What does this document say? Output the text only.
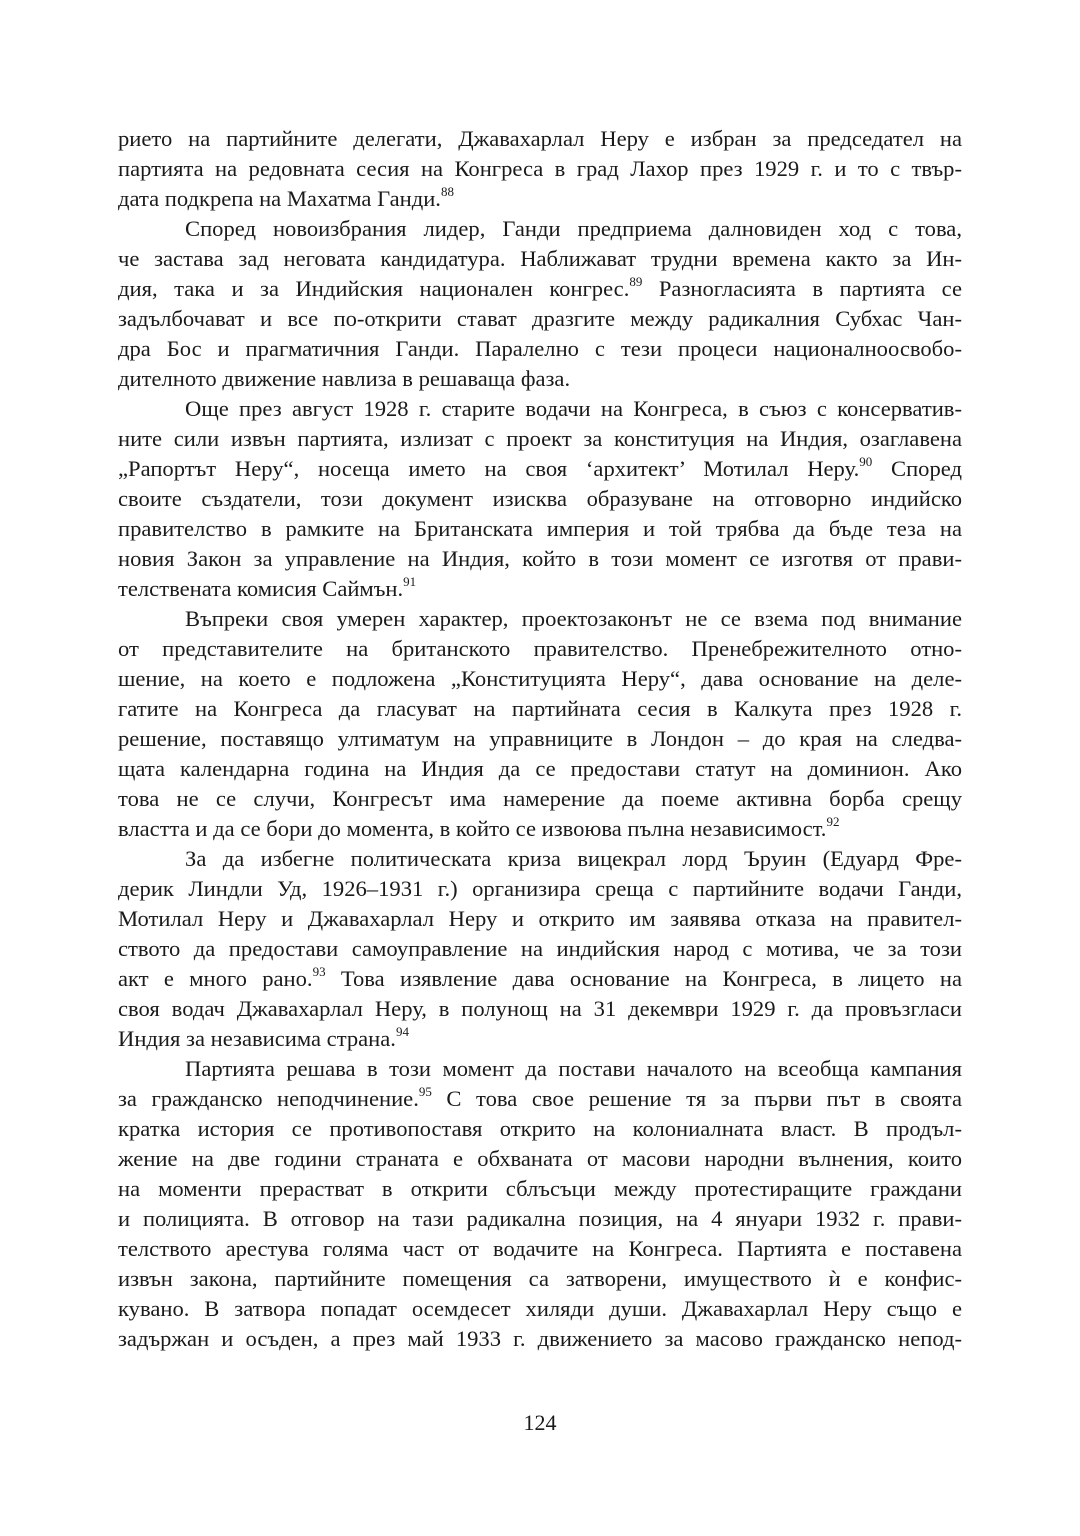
рието на партийните делегати, Джавахарлал Неру е избран за председател на
партията на редовната сесия на Конгреса в град Лахор през 1929 г. и то с твър-
дата подкрепа на Махатма Ганди.$^{88}$
Според новоизбрания лидер, Ганди предприема далновиден ход с това,
че застава зад неговата кандидатура. Наближават трудни времена както за Ин-
дия, така и за Индийския национален конгрес.$^{89}$ Разногласията в партията се
задълбочават и все по-открити стават дразгите между радикалния Субхас Чан-
дра Бос и прагматичния Ганди. Паралелно с тези процеси националноосвобо-
дителното движение навлиза в решаваща фаза.
Още през август 1928 г. старите водачи на Конгреса, в съюз с консерватив-
ните сили извън партията, излизат с проект за конституция на Индия, озаглавена
„Рапортът Неру“, носеща името на своя ‘архитект’ Мотилал Неру.$^{90}$ Според
своите създатели, този документ изисква образуване на отговорно индийско
правителство в рамките на Британската империя и той трябва да бъде теза на
новия Закон за управление на Индия, който в този момент се изготвя от прави-
телствената комисия Саймън.$^{91}$
Въпреки своя умерен характер, проектозаконът не се взема под внимание
от представителите на британското правителство. Пренебрежителното отно-
шение, на което е подложена „Конституцията Неру“, дава основание на деле-
гатите на Конгреса да гласуват на партийната сесия в Калкута през 1928 г.
решение, поставящо ултиматум на управниците в Лондон – до края на следва-
щата календарна година на Индия да се предостави статут на доминион. Ако
това не се случи, Конгресът има намерение да поеме активна борба срещу
властта и да се бори до момента, в който се извоюва пълна независимост.$^{92}$
За да избегне политическата криза вицекрал лорд Ъруин (Едуард Фре-
дерик Линдли Уд, 1926–1931 г.) организира среща с партийните водачи Ганди,
Мотилал Неру и Джавахарлал Неру и открито им заявява отказа на правител-
ството да предостави самоуправление на индийския народ с мотива, че за този
акт е много рано.$^{93}$ Това изявление дава основание на Конгреса, в лицето на
своя водач Джавахарлал Неру, в полунощ на 31 декември 1929 г. да провъзгласи
Индия за независима страна.$^{94}$
Партията решава в този момент да постави началото на всеобща кампания
за гражданско неподчинение.$^{95}$ С това свое решение тя за първи път в своята
кратка история се противопоставя открито на колониалната власт. В продъл-
жение на две години страната е обхваната от масови народни вълнения, които
на моменти прерастват в открити сблъсъци между протестиращите граждани
и полицията. В отговор на тази радикална позиция, на 4 януари 1932 г. прави-
телството арестува голяма част от водачите на Конгреса. Партията е поставена
извън закона, партийните помещения са затворени, имуществото ѝ е конфис-
кувано. В затвора попадат осемдесет хиляди души. Джавахарлал Неру също е
задържан и осъден, а през май 1933 г. движението за масово гражданско непод-
124
